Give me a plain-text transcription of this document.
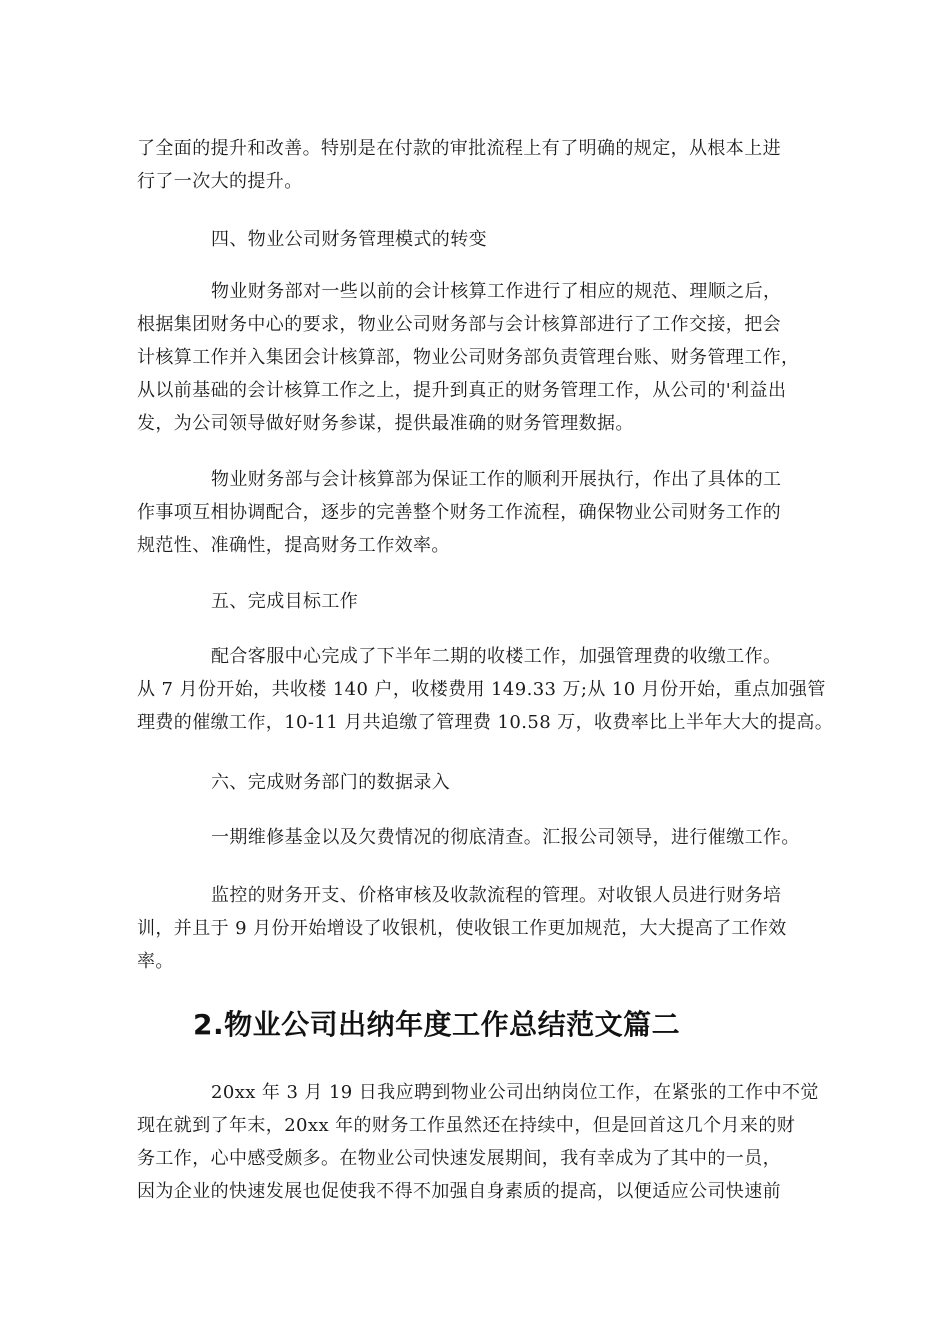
了全面的提升和改善。特别是在付款的审批流程上有了明确的规定，从根本上进

行了一次大的提升。

四、物业公司财务管理模式的转变

物业财务部对一些以前的会计核算工作进行了相应的规范、理顺之后，

根据集团财务中心的要求，物业公司财务部与会计核算部进行了工作交接，把会

计核算工作并入集团会计核算部，物业公司财务部负责管理台账、财务管理工作，

从以前基础的会计核算工作之上，提升到真正的财务管理工作，从公司的'利益出

发，为公司领导做好财务参谋，提供最准确的财务管理数据。

物业财务部与会计核算部为保证工作的顺利开展执行，作出了具体的工

作事项互相协调配合，逐步的完善整个财务工作流程，确保物业公司财务工作的

规范性、准确性，提高财务工作效率。

五、完成目标工作

配合客服中心完成了下半年二期的收楼工作，加强管理费的收缴工作。

从 7 月份开始，共收楼 140 户，收楼费用 149.33 万;从 10 月份开始，重点加强管

理费的催缴工作，10-11 月共追缴了管理费 10.58 万，收费率比上半年大大的提高。

六、完成财务部门的数据录入

一期维修基金以及欠费情况的彻底清查。汇报公司领导，进行催缴工作。

监控的财务开支、价格审核及收款流程的管理。对收银人员进行财务培

训，并且于 9 月份开始增设了收银机，使收银工作更加规范，大大提高了工作效

率。

2.物业公司出纳年度工作总结范文篇二

20xx 年 3 月 19 日我应聘到物业公司出纳岗位工作，在紧张的工作中不觉

现在就到了年末，20xx 年的财务工作虽然还在持续中，但是回首这几个月来的财

务工作，心中感受颇多。在物业公司快速发展期间，我有幸成为了其中的一员，

因为企业的快速发展也促使我不得不加强自身素质的提高，以便适应公司快速前
